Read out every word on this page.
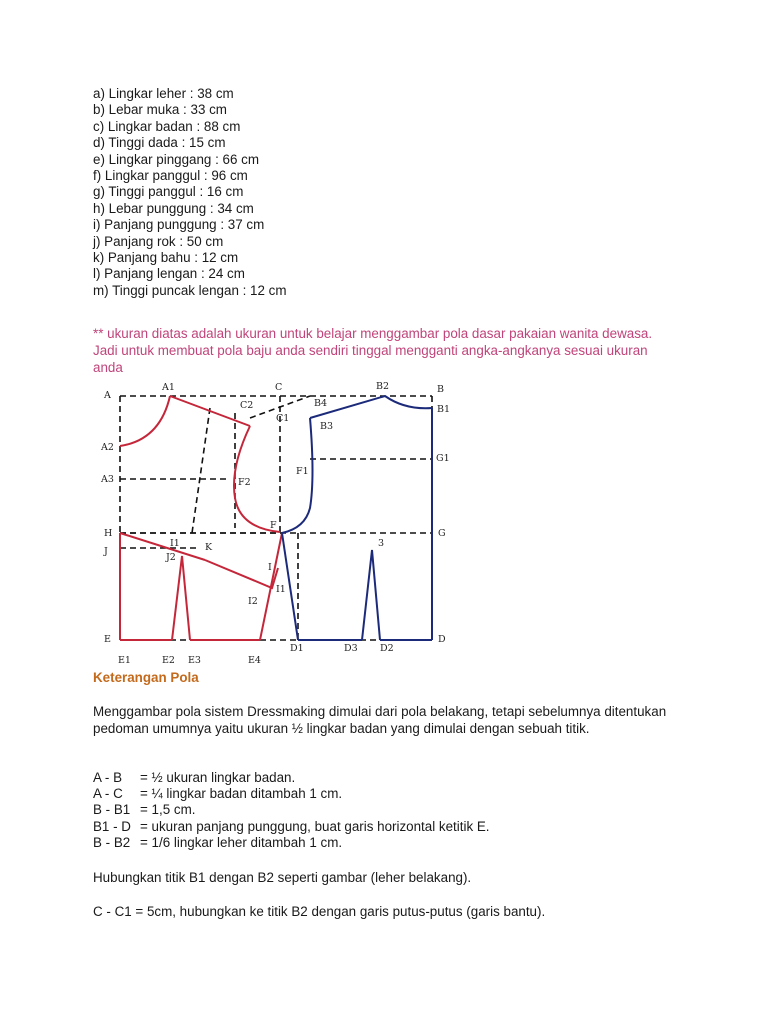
a) Lingkar leher : 38 cm
b) Lebar muka : 33 cm
c) Lingkar badan : 88 cm
d) Tinggi dada : 15 cm
e) Lingkar pinggang : 66 cm
f) Lingkar panggul : 96 cm
g) Tinggi panggul : 16 cm
h) Lebar punggung : 34 cm
i) Panjang punggung : 37 cm
j) Panjang rok : 50 cm
k) Panjang bahu : 12 cm
l) Panjang lengan : 24 cm
m) Tinggi puncak lengan : 12 cm
** ukuran diatas adalah ukuran untuk belajar menggambar pola dasar pakaian wanita dewasa. Jadi untuk membuat pola baju anda sendiri tinggal mengganti angka-angkanya sesuai ukuran anda
A
A1	C	B2	B
B1
C2	B4
C1
B3
A2
F1
G1
A3	F2
F
H	G
J
I1	K
J2
3
I
I1
I2
E	D
E1	E2 E3	E4
D1	D3 D2
Keterangan Pola
Menggambar pola sistem Dressmaking dimulai dari pola belakang, tetapi sebelumnya ditentukan pedoman umumnya yaitu ukuran ½ lingkar badan yang dimulai dengan sebuah titik.
A - B	= ½ ukuran lingkar badan.
A - C	= ¼ lingkar badan ditambah 1 cm.
B - B1 = 1,5 cm.
B1 - D = ukuran panjang punggung, buat garis horizontal ketitik E.
B - B2 = 1/6 lingkar leher ditambah 1 cm.
Hubungkan titik B1 dengan B2 seperti gambar (leher belakang).
C - C1 = 5cm, hubungkan ke titik B2 dengan garis putus-putus (garis bantu).
